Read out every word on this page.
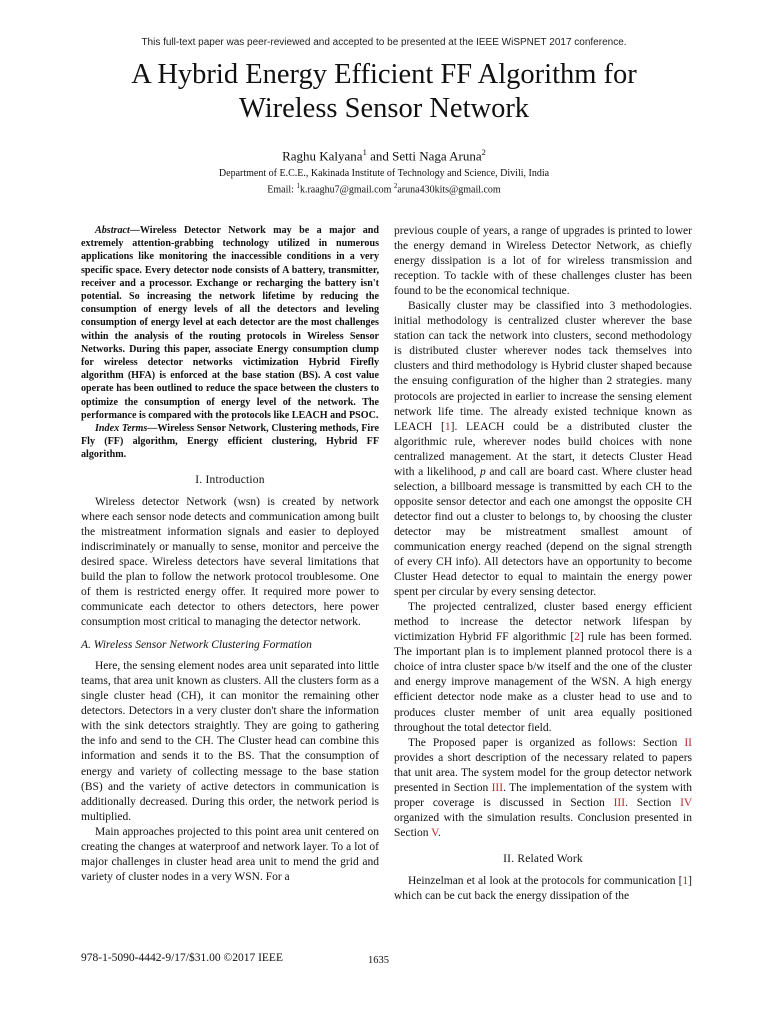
This full-text paper was peer-reviewed and accepted to be presented at the IEEE WiSPNET 2017 conference.
A Hybrid Energy Efficient FF Algorithm for
Wireless Sensor Network
Raghu Kalyana$^1$ and Setti Naga Aruna$^2$
Department of E.C.E., Kakinada Institute of Technology and Science, Divili, India
Email: $^1$k.raaghu7@gmail.com $^2$aruna430kits@gmail.com

Abstract—Wireless Detector Network may be a major and extremely attention-grabbing technology utilized in numerous applications like monitoring the inaccessible conditions in a very specific space. Every detector node consists of A battery, transmitter, receiver and a processor. Exchange or recharging the battery isn't potential. So increasing the network lifetime by reducing the consumption of energy levels of all the detectors and leveling consumption of energy level at each detector are the most challenges within the analysis of the routing protocols in Wireless Sensor Networks. During this paper, associate Energy consumption clump for wireless detector networks victimization Hybrid Firefly algorithm (HFA) is enforced at the base station (BS). A cost value operate has been outlined to reduce the space between the clusters to optimize the consumption of energy level of the network. The performance is compared with the protocols like LEACH and PSOC.

Index Terms—Wireless Sensor Network, Clustering methods, Fire Fly (FF) algorithm, Energy efficient clustering, Hybrid FF algorithm.

I. Introduction

Wireless detector Network (wsn) is created by network where each sensor node detects and communication among built the mistreatment information signals and easier to deployed indiscriminately or manually to sense, monitor and perceive the desired space. Wireless detectors have several limitations that build the plan to follow the network protocol troublesome. One of them is restricted energy offer. It required more power to communicate each detector to others detectors, here power consumption most critical to managing the detector network.

A. Wireless Sensor Network Clustering Formation

Here, the sensing element nodes area unit separated into little teams, that area unit known as clusters. All the clusters form as a single cluster head (CH), it can monitor the remaining other detectors. Detectors in a very cluster don't share the information with the sink detectors straightly. They are going to gathering the info and send to the CH. The Cluster head can combine this information and sends it to the BS. That the consumption of energy and variety of collecting message to the base station (BS) and the variety of active detectors in communication is additionally decreased. During this order, the network period is multiplied.

Main approaches projected to this point area unit centered on creating the changes at waterproof and network layer. To a lot of major challenges in cluster head area unit to mend the grid and variety of cluster nodes in a very WSN. For a

previous couple of years, a range of upgrades is printed to lower the energy demand in Wireless Detector Network, as chiefly energy dissipation is a lot of for wireless transmission and reception. To tackle with of these challenges cluster has been found to be the economical technique.

Basically cluster may be classified into 3 methodologies. initial methodology is centralized cluster wherever the base station can tack the network into clusters, second methodology is distributed cluster wherever nodes tack themselves into clusters and third methodology is Hybrid cluster shaped because the ensuing configuration of the higher than 2 strategies. many protocols are projected in earlier to increase the sensing element network life time. The already existed technique known as LEACH [1]. LEACH could be a distributed cluster the algorithmic rule, wherever nodes build choices with none centralized management. At the start, it detects Cluster Head with a likelihood, p and call are board cast. Where cluster head selection, a billboard message is transmitted by each CH to the opposite sensor detector and each one amongst the opposite CH detector find out a cluster to belongs to, by choosing the cluster detector may be mistreatment smallest amount of communication energy reached (depend on the signal strength of every CH info). All detectors have an opportunity to become Cluster Head detector to equal to maintain the energy power spent per circular by every sensing detector.

The projected centralized, cluster based energy efficient method to increase the detector network lifespan by victimization Hybrid FF algorithmic [2] rule has been formed. The important plan is to implement planned protocol there is a choice of intra cluster space b/w itself and the one of the cluster and energy improve management of the WSN. A high energy efficient detector node make as a cluster head to use and to produces cluster member of unit area equally positioned throughout the total detector field.

The Proposed paper is organized as follows: Section II provides a short description of the necessary related to papers that unit area. The system model for the group detector network presented in Section III. The implementation of the system with proper coverage is discussed in Section III. Section IV organized with the simulation results. Conclusion presented in Section V.

II. Related Work

Heinzelman et al look at the protocols for communication [1] which can be cut back the energy dissipation of the

978-1-5090-4442-9/17/$31.00 ©2017 IEEE	1635
